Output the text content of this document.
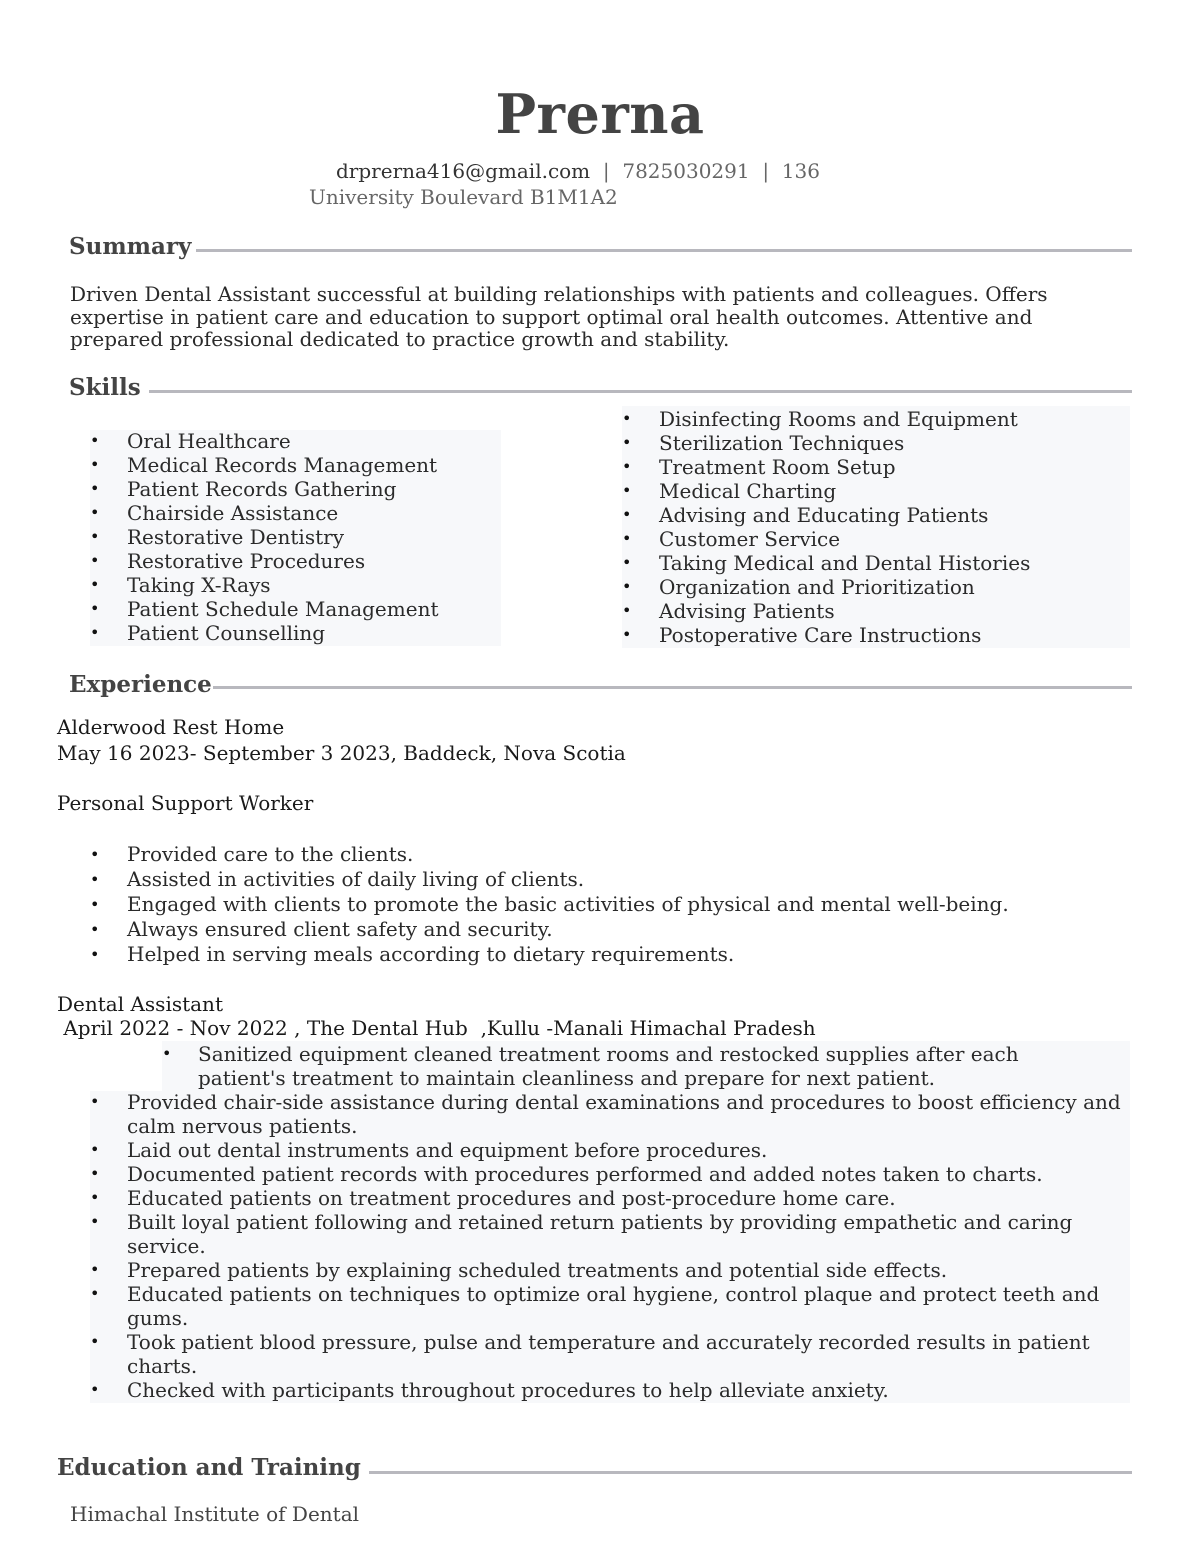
Prerna
drprerna416@gmail.com | 7825030291 | 136
University Boulevard B1M1A2
Summary
Driven Dental Assistant successful at building relationships with patients and colleagues. Offers
expertise in patient care and education to support optimal oral health outcomes. Attentive and
prepared professional dedicated to practice growth and stability.
Skills
• Oral Healthcare
• Medical Records Management
• Patient Records Gathering
• Chairside Assistance
• Restorative Dentistry
• Restorative Procedures
• Taking X-Rays
• Patient Schedule Management
• Patient Counselling
• Disinfecting Rooms and Equipment
• Sterilization Techniques
• Treatment Room Setup
• Medical Charting
• Advising and Educating Patients
• Customer Service
• Taking Medical and Dental Histories
• Organization and Prioritization
• Advising Patients
• Postoperative Care Instructions
Experience
Alderwood Rest Home
May 16 2023- September 3 2023, Baddeck, Nova Scotia
Personal Support Worker
• Provided care to the clients.
• Assisted in activities of daily living of clients.
• Engaged with clients to promote the basic activities of physical and mental well-being.
• Always ensured client safety and security.
• Helped in serving meals according to dietary requirements.
Dental Assistant
April 2022 - Nov 2022 , The Dental Hub  ,Kullu -Manali Himachal Pradesh
• Sanitized equipment cleaned treatment rooms and restocked supplies after each
patient's treatment to maintain cleanliness and prepare for next patient.
• Provided chair-side assistance during dental examinations and procedures to boost efficiency and calm nervous patients.
• Laid out dental instruments and equipment before procedures.
• Documented patient records with procedures performed and added notes taken to charts.
• Educated patients on treatment procedures and post-procedure home care.
• Built loyal patient following and retained return patients by providing empathetic and caring service.
• Prepared patients by explaining scheduled treatments and potential side effects.
• Educated patients on techniques to optimize oral hygiene, control plaque and protect teeth and gums.
• Took patient blood pressure, pulse and temperature and accurately recorded results in patient charts.
• Checked with participants throughout procedures to help alleviate anxiety.
Education and Training
Himachal Institute of Dental
